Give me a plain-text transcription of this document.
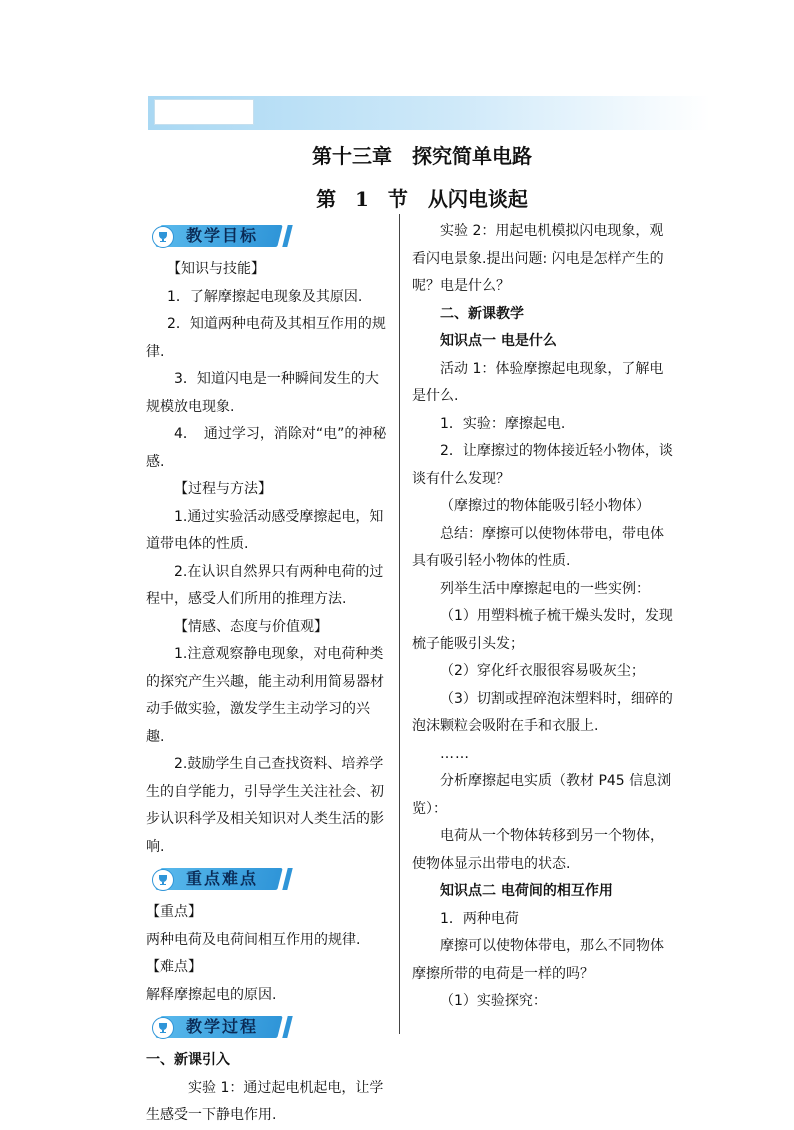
第十三章　探究简单电路
第 1 节　从闪电谈起
教学目标

【知识与技能】

1．了解摩擦起电现象及其原因.

2．知道两种电荷及其相互作用的规律.

3．知道闪电是一种瞬间发生的大规模放电现象.

4．　通过学习，消除对“电”的神秘感.

【过程与方法】

1.通过实验活动感受摩擦起电，知道带电体的性质.

2.在认识自然界只有两种电荷的过程中，感受人们所用的推理方法.

【情感、态度与价值观】

1.注意观察静电现象，对电荷种类的探究产生兴趣，能主动利用简易器材动手做实验，激发学生主动学习的兴趣.

2.鼓励学生自己查找资料、培养学生的自学能力，引导学生关注社会、初步认识科学及相关知识对人类生活的影响.

重点难点

【重点】

两种电荷及电荷间相互作用的规律.

【难点】

解释摩擦起电的原因.

教学过程

一、新课引入

　实验 1：通过起电机起电，让学生感受一下静电作用.

实验 2：用起电机模拟闪电现象，观看闪电景象.提出问题: 闪电是怎样产生的呢？电是什么？

二、新课教学

知识点一 电是什么

活动 1：体验摩擦起电现象，了解电是什么.

1．实验：摩擦起电.

2．让摩擦过的物体接近轻小物体，谈谈有什么发现？

（摩擦过的物体能吸引轻小物体）

总结：摩擦可以使物体带电，带电体具有吸引轻小物体的性质.

列举生活中摩擦起电的一些实例：

（1）用塑料梳子梳干燥头发时，发现梳子能吸引头发；

（2）穿化纤衣服很容易吸灰尘；

（3）切割或捏碎泡沫塑料时，细碎的泡沫颗粒会吸附在手和衣服上.

……

分析摩擦起电实质（教材 P45 信息浏览）：

电荷从一个物体转移到另一个物体，使物体显示出带电的状态.

知识点二 电荷间的相互作用

1．两种电荷

摩擦可以使物体带电，那么不同物体摩擦所带的电荷是一样的吗？

（1）实验探究：
